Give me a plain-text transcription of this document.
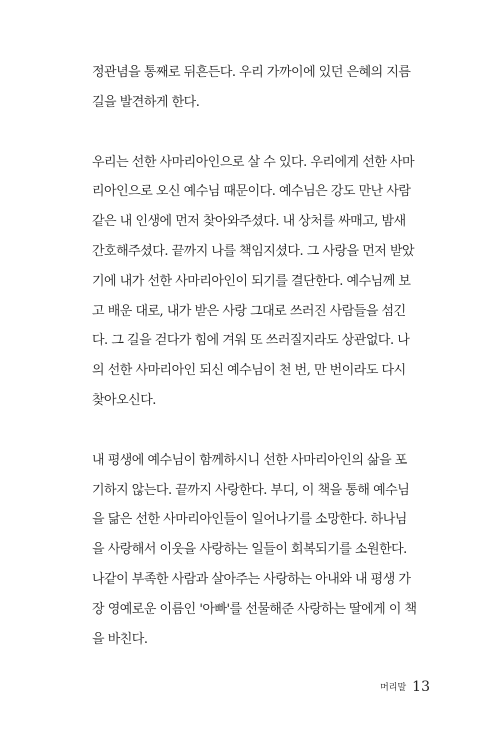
정관념을 통째로 뒤흔든다. 우리 가까이에 있던 은혜의 지름
길을 발견하게 한다.
우리는 선한 사마리아인으로 살 수 있다. 우리에게 선한 사마
리아인으로 오신 예수님 때문이다. 예수님은 강도 만난 사람
같은 내 인생에 먼저 찾아와주셨다. 내 상처를 싸매고, 밤새
간호해주셨다. 끝까지 나를 책임지셨다. 그 사랑을 먼저 받았
기에 내가 선한 사마리아인이 되기를 결단한다. 예수님께 보
고 배운 대로, 내가 받은 사랑 그대로 쓰러진 사람들을 섬긴
다. 그 길을 걷다가 힘에 겨워 또 쓰러질지라도 상관없다. 나
의 선한 사마리아인 되신 예수님이 천 번, 만 번이라도 다시
찾아오신다.
내 평생에 예수님이 함께하시니 선한 사마리아인의 삶을 포
기하지 않는다. 끝까지 사랑한다. 부디, 이 책을 통해 예수님
을 닮은 선한 사마리아인들이 일어나기를 소망한다. 하나님
을 사랑해서 이웃을 사랑하는 일들이 회복되기를 소원한다.
나같이 부족한 사람과 살아주는 사랑하는 아내와 내 평생 가
장 영예로운 이름인 '아빠'를 선물해준 사랑하는 딸에게 이 책
을 바친다.
머리말 13
